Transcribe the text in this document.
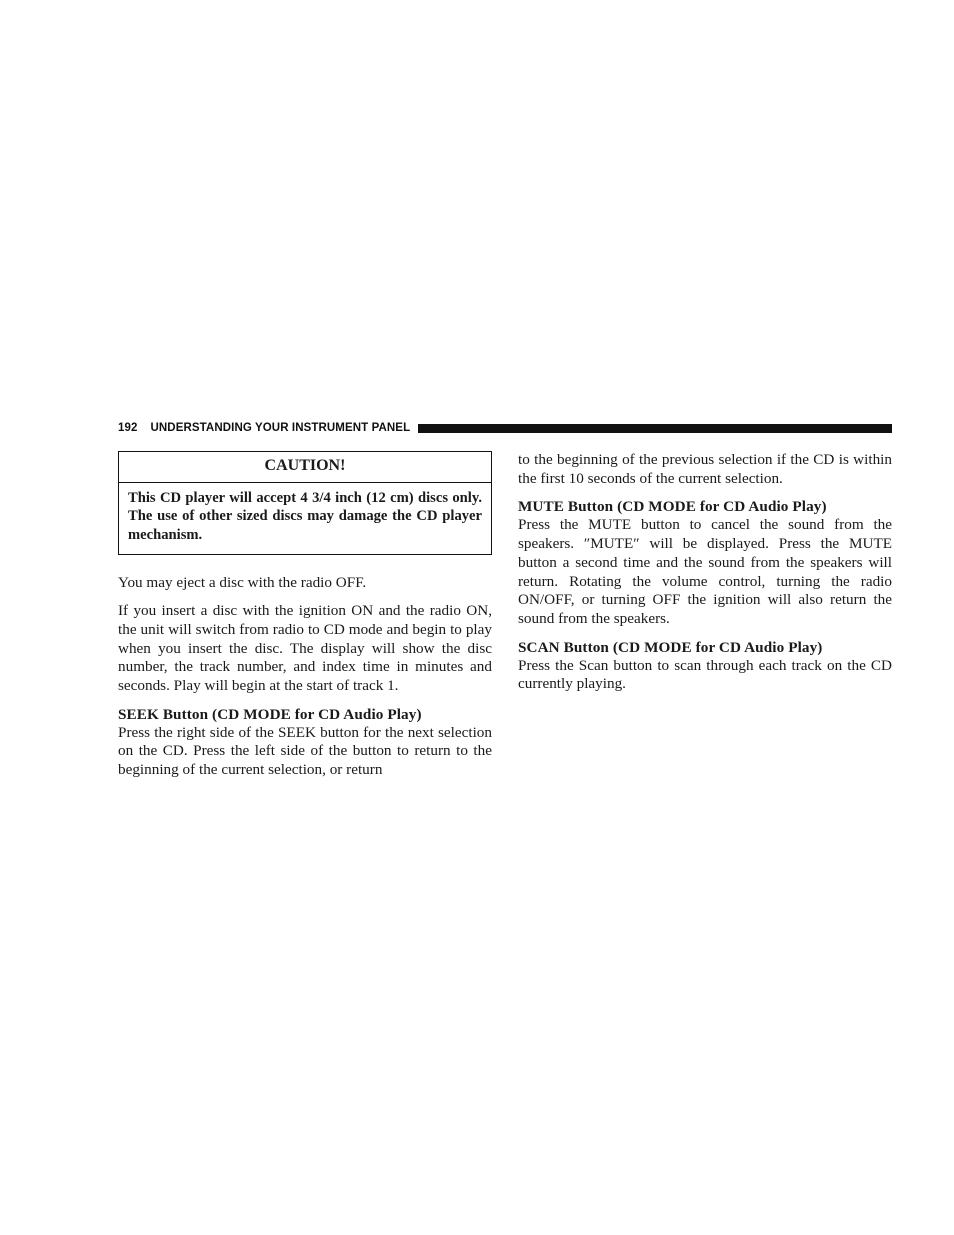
192 UNDERSTANDING YOUR INSTRUMENT PANEL
CAUTION!
This CD player will accept 4 3/4 inch (12 cm) discs only. The use of other sized discs may damage the CD player mechanism.

You may eject a disc with the radio OFF.

If you insert a disc with the ignition ON and the radio ON, the unit will switch from radio to CD mode and begin to play when you insert the disc. The display will show the disc number, the track number, and index time in minutes and seconds. Play will begin at the start of track 1.

SEEK Button (CD MODE for CD Audio Play)

Press the right side of the SEEK button for the next selection on the CD. Press the left side of the button to return to the beginning of the current selection, or return

to the beginning of the previous selection if the CD is within the first 10 seconds of the current selection.

MUTE Button (CD MODE for CD Audio Play)

Press the MUTE button to cancel the sound from the speakers. ″MUTE″ will be displayed. Press the MUTE button a second time and the sound from the speakers will return. Rotating the volume control, turning the radio ON/OFF, or turning OFF the ignition will also return the sound from the speakers.

SCAN Button (CD MODE for CD Audio Play)

Press the Scan button to scan through each track on the CD currently playing.
